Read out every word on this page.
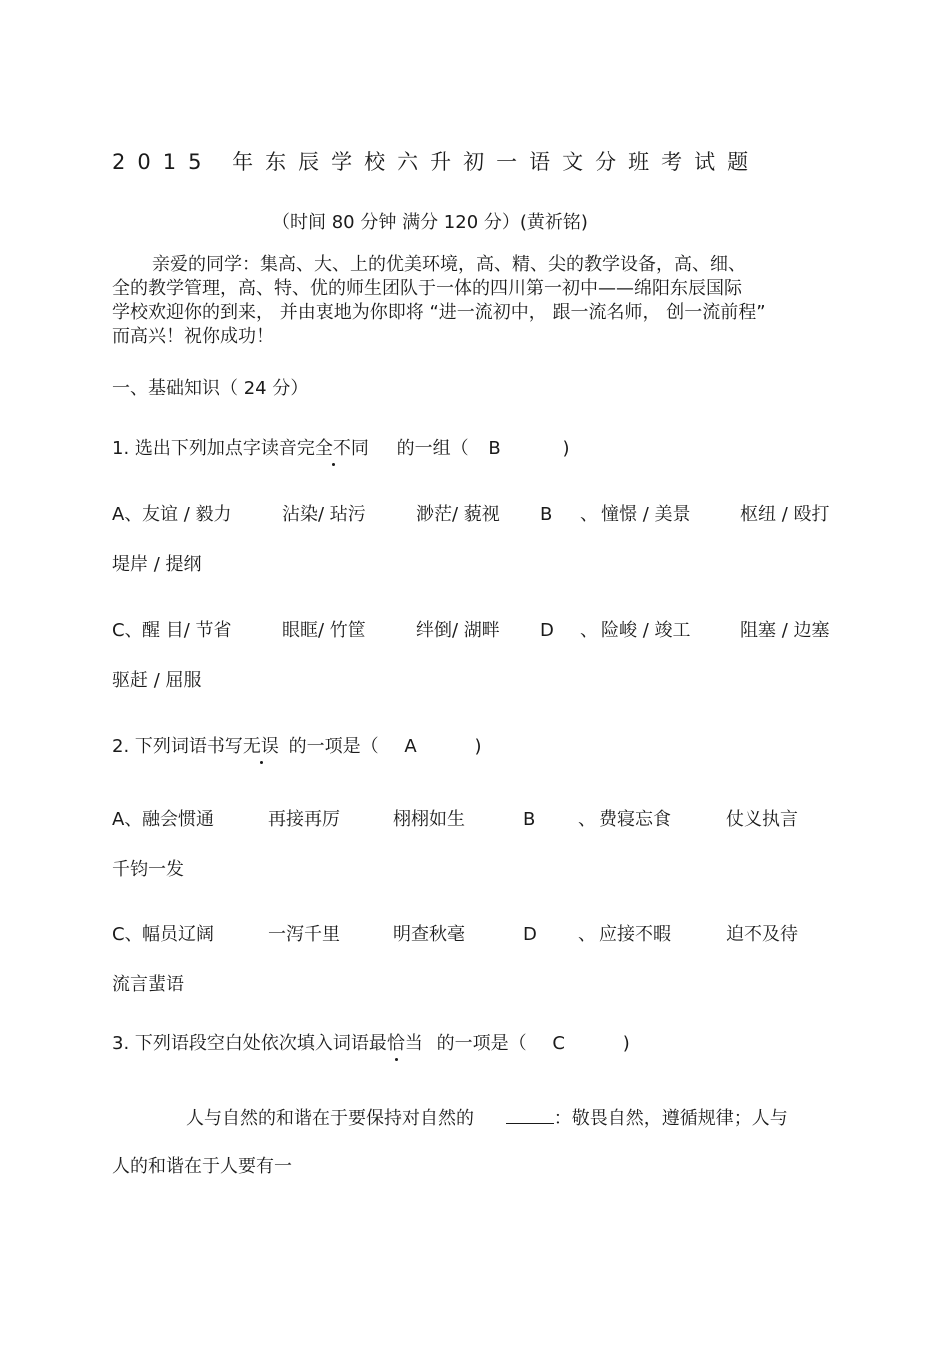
2015 年东辰学校六升初一语文分班考试题
（时间 80 分钟 满分 120 分）(黄祈铭)
亲爱的同学：集高、大、上的优美环境，高、精、尖的教学设备，高、细、
全的教学管理，高、特、优的师生团队于一体的四川第一初中——绵阳东辰国际
学校欢迎你的到来， 并由衷地为你即将 “进一流初中， 跟一流名师， 创一流前程”
而高兴！祝你成功！
一、基础知识（ 24 分）
1. 选出下列加点字读音完全不同 的一组（ B	)
A、 友谊 / 毅力	沾染/ 玷污	渺茫/ 藐视 B 、 憧憬 / 美景	枢纽 / 殴打
堤岸 / 提纲
C、 醒 目/ 节省	眼眶/ 竹筐	绊倒/ 湖畔 D 、 险峻 / 竣工	阻塞 / 边塞
驱赶 / 屈服
2. 下列词语书写无误 的一项是（ A	)
A、 融会惯通	再接再厉	栩栩如生	B 、 费寝忘食	仗义执言
千钧一发
C、 幅员辽阔	一泻千里	明查秋毫	D 、 应接不暇	迫不及待
流言蜚语
3. 下列语段空白处依次填入词语最恰当 的一项是（ C	)
人与自然的和谐在于要保持对自然的	：敬畏自然，遵循规律；人与
人的和谐在于人要有一
